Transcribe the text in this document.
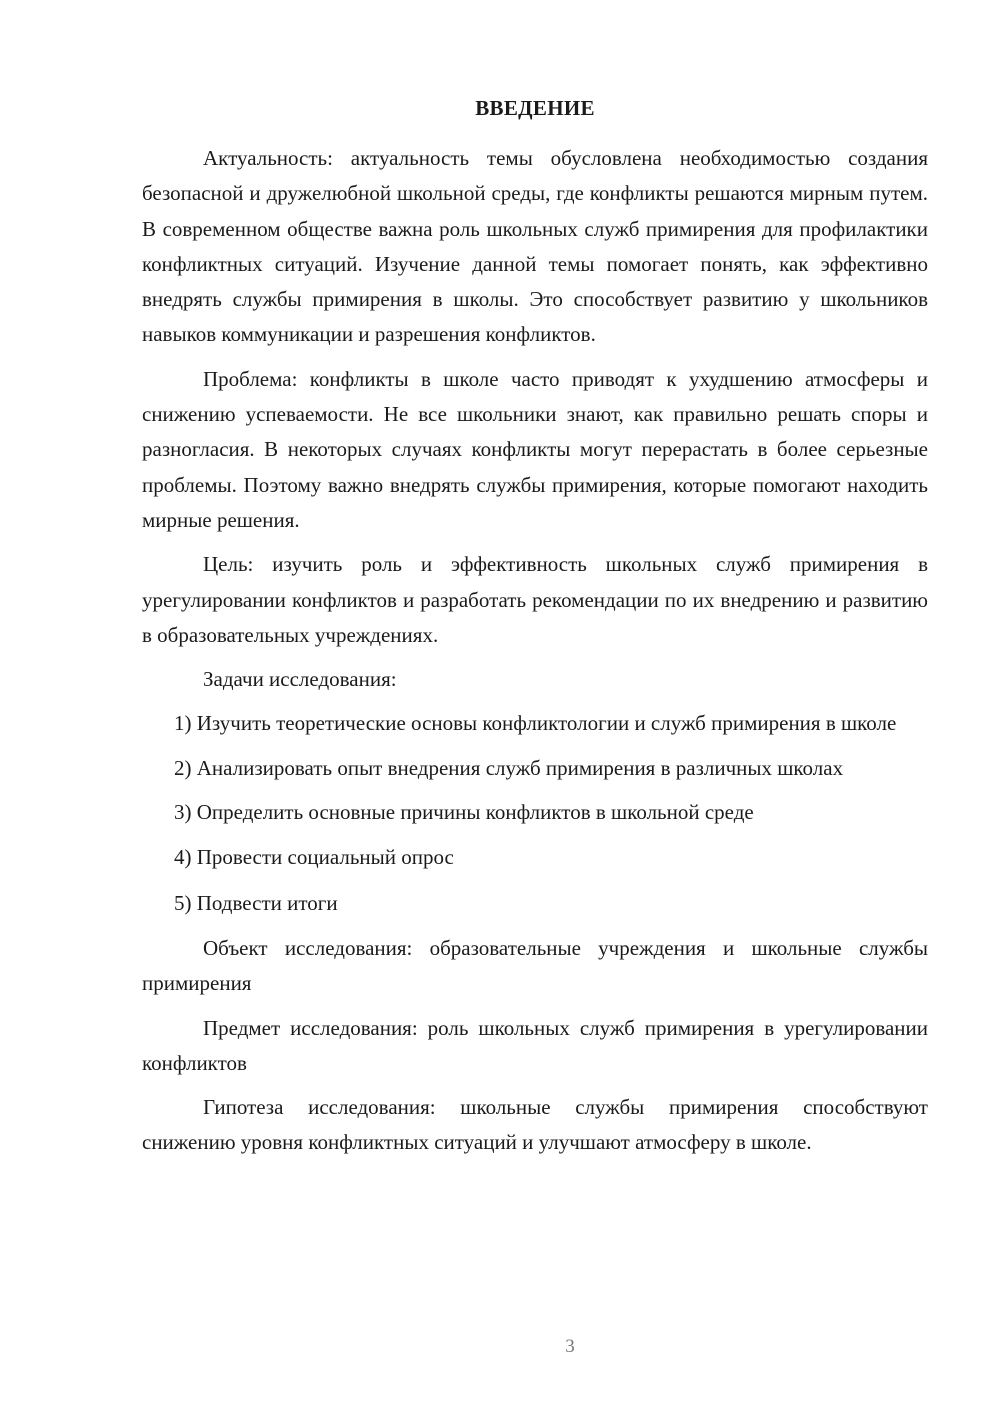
ВВЕДЕНИЕ

Актуальность: актуальность темы обусловлена необходимостью создания безопасной и дружелюбной школьной среды, где конфликты решаются мирным путем. В современном обществе важна роль школьных служб примирения для профилактики конфликтных ситуаций. Изучение данной темы помогает понять, как эффективно внедрять службы примирения в школы. Это способствует развитию у школьников навыков коммуникации и разрешения конфликтов.

Проблема: конфликты в школе часто приводят к ухудшению атмосферы и снижению успеваемости. Не все школьники знают, как правильно решать споры и разногласия. В некоторых случаях конфликты могут перерастать в более серьезные проблемы. Поэтому важно внедрять службы примирения, которые помогают находить мирные решения.

Цель: изучить роль и эффективность школьных служб примирения в урегулировании конфликтов и разработать рекомендации по их внедрению и развитию в образовательных учреждениях.

Задачи исследования:

1) Изучить теоретические основы конфликтологии и служб примирения в школе

2) Анализировать опыт внедрения служб примирения в различных школах

3) Определить основные причины конфликтов в школьной среде

4) Провести социальный опрос

5) Подвести итоги

Объект исследования: образовательные учреждения и школьные службы примирения

Предмет исследования: роль школьных служб примирения в урегулировании конфликтов

Гипотеза исследования: школьные службы примирения способствуют снижению уровня конфликтных ситуаций и улучшают атмосферу в школе.

3
